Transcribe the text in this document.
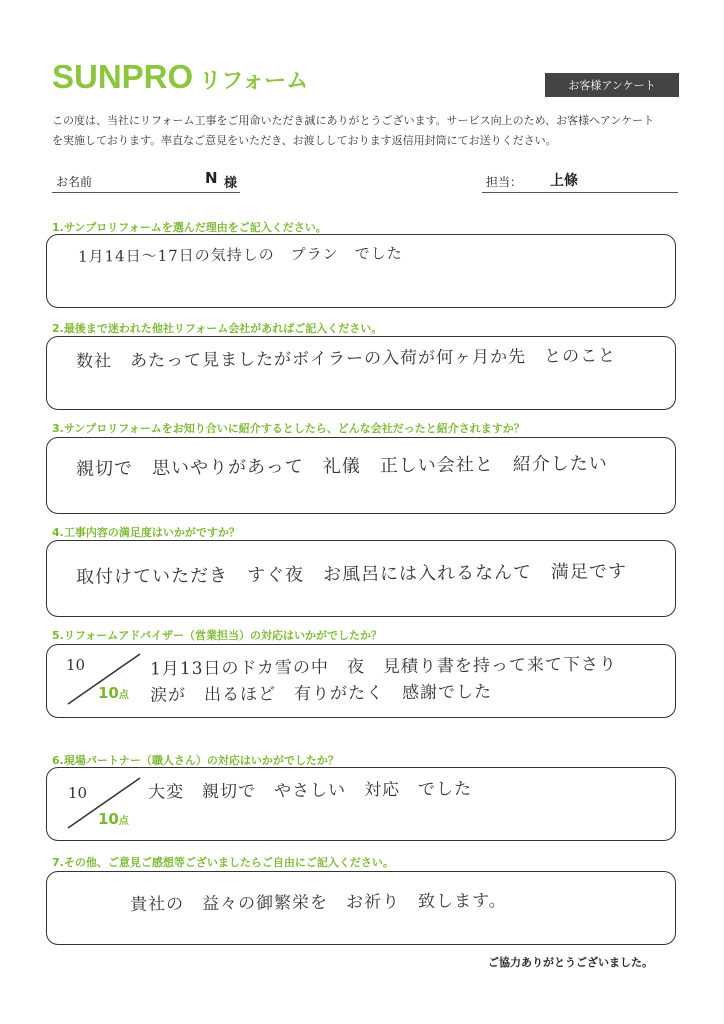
SUNPRO リフォーム	お客様アンケート
この度は、当社にリフォーム工事をご用命いただき誠にありがとうございます。サービス向上のため、お客様へアンケート
を実施しております。率直なご意見をいただき、お渡ししております返信用封筒にてお送りください。
お名前	N 様	担当： 上條
1.サンプロリフォームを選んだ理由をご記入ください。
1月14日～17日の気持しの　プラン　でした
2.最後まで迷われた他社リフォーム会社があればご記入ください。
数社　あたって見ましたがボイラーの入荷が何ヶ月か先　とのこと
3.サンプロリフォームをお知り合いに紹介するとしたら、どんな会社だったと紹介されますか？
親切で　思いやりがあって　礼儀　正しい会社と　紹介したい
4.工事内容の満足度はいかがですか？
取付けていただき　すぐ夜　お風呂には入れるなんて　満足です
5.リフォームアドバイザー（営業担当）の対応はいかがでしたか？
10
10点
1月13日のドカ雪の中　夜　見積り書を持って来て下さり
涙が　出るほど　有りがたく　感謝でした
6.現場パートナー（職人さん）の対応はいかがでしたか？
10
10点
大変　親切で　やさしい　対応　でした
7.その他、ご意見ご感想等ございましたらご自由にご記入ください。
貴社の　益々の御繁栄を　お祈り　致します。
ご協力ありがとうございました。
